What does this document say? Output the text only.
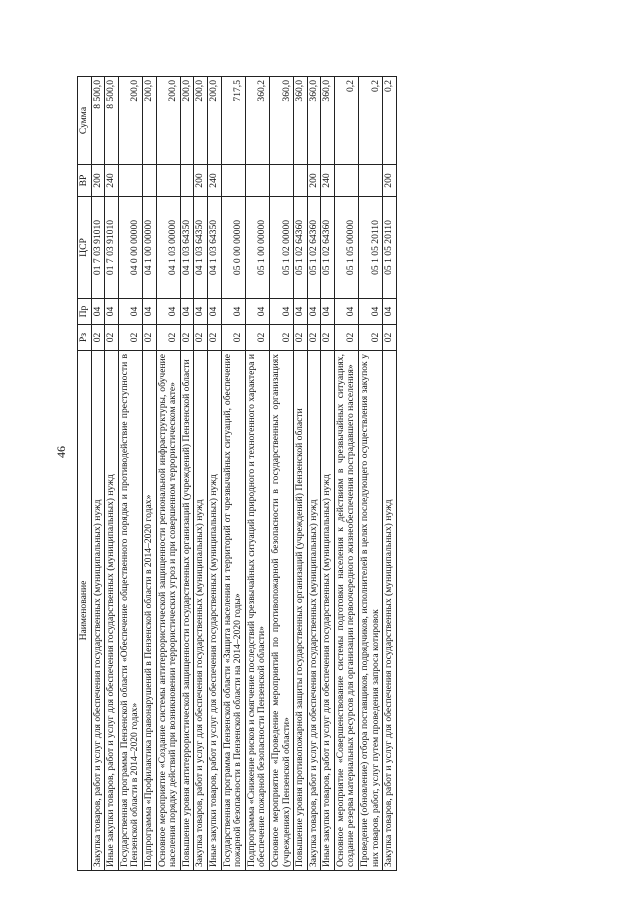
46
Наименование	Рз	Пр	ЦСР	ВР	Сумма
Закупка товаров, работ и услуг для обеспечения государственных (муниципальных) нужд	02	04	01 7 03 91010	200	8 500,0
Иные закупки товаров, работ и услуг для обеспечения государственных (муниципальных) нужд	02	04	01 7 03 91010	240	8 500,0
Государственная программа Пензенской области «Обеспечение общественного порядка и противодействие преступности в Пензенской области в 2014–2020 годах»	02	04	04 0 00 00000		200,0
Подпрограмма «Профилактика правонарушений в Пензенской области в 2014–2020 годах»	02	04	04 1 00 00000		200,0
Основное мероприятие «Создание системы антитеррористической защищенности региональной инфраструктуры, обучение населения порядку действий при возникновении террористических угроз и при совершенном террористическом акте»	02	04	04 1 03 00000		200,0
Повышение уровня антитеррористической защищенности государственных организаций (учреждений) Пензенской области	02	04	04 1 03 64350		200,0
Закупка товаров, работ и услуг для обеспечения государственных (муниципальных) нужд	02	04	04 1 03 64350	200	200,0
Иные закупки товаров, работ и услуг для обеспечения государственных (муниципальных) нужд	02	04	04 1 03 64350	240	200,0
Государственная программа Пензенской области «Защита населения и территорий от чрезвычайных ситуаций, обеспечение пожарной безопасности в Пензенской области на 2014–2020 годы»	02	04	05 0 00 00000		717,5
Подпрограмма «Снижение рисков и смягчение последствий чрезвычайных ситуаций природного и техногенного характера и обеспечение пожарной безопасности Пензенской области»	02	04	05 1 00 00000		360,2
Основное мероприятие «Проведение мероприятий по противопожарной безопасности в государственных организациях (учреждениях) Пензенской области»	02	04	05 1 02 00000		360,0
Повышение уровня противопожарной защиты государственных организаций (учреждений) Пензенской области	02	04	05 1 02 64360		360,0
Закупка товаров, работ и услуг для обеспечения государственных (муниципальных) нужд	02	04	05 1 02 64360	200	360,0
Иные закупки товаров, работ и услуг для обеспечения государственных (муниципальных) нужд	02	04	05 1 02 64360	240	360,0
Основное мероприятие «Совершенствование системы подготовки населения к действиям в чрезвычайных ситуациях, создание резерва материальных ресурсов для организации первоочередного жизнеобеспечения пострадавшего населения»	02	04	05 1 05 00000		0,2
Проведение (обновление) отбора поставщиков, подрядчиков, исполнителей в целях последующего осуществления закупок у них товаров, работ, услуг путем проведения запроса котировок	02	04	05 1 05 20110		0,2
Закупка товаров, работ и услуг для обеспечения государственных (муниципальных) нужд	02	04	05 1 05 20110	200	0,2
